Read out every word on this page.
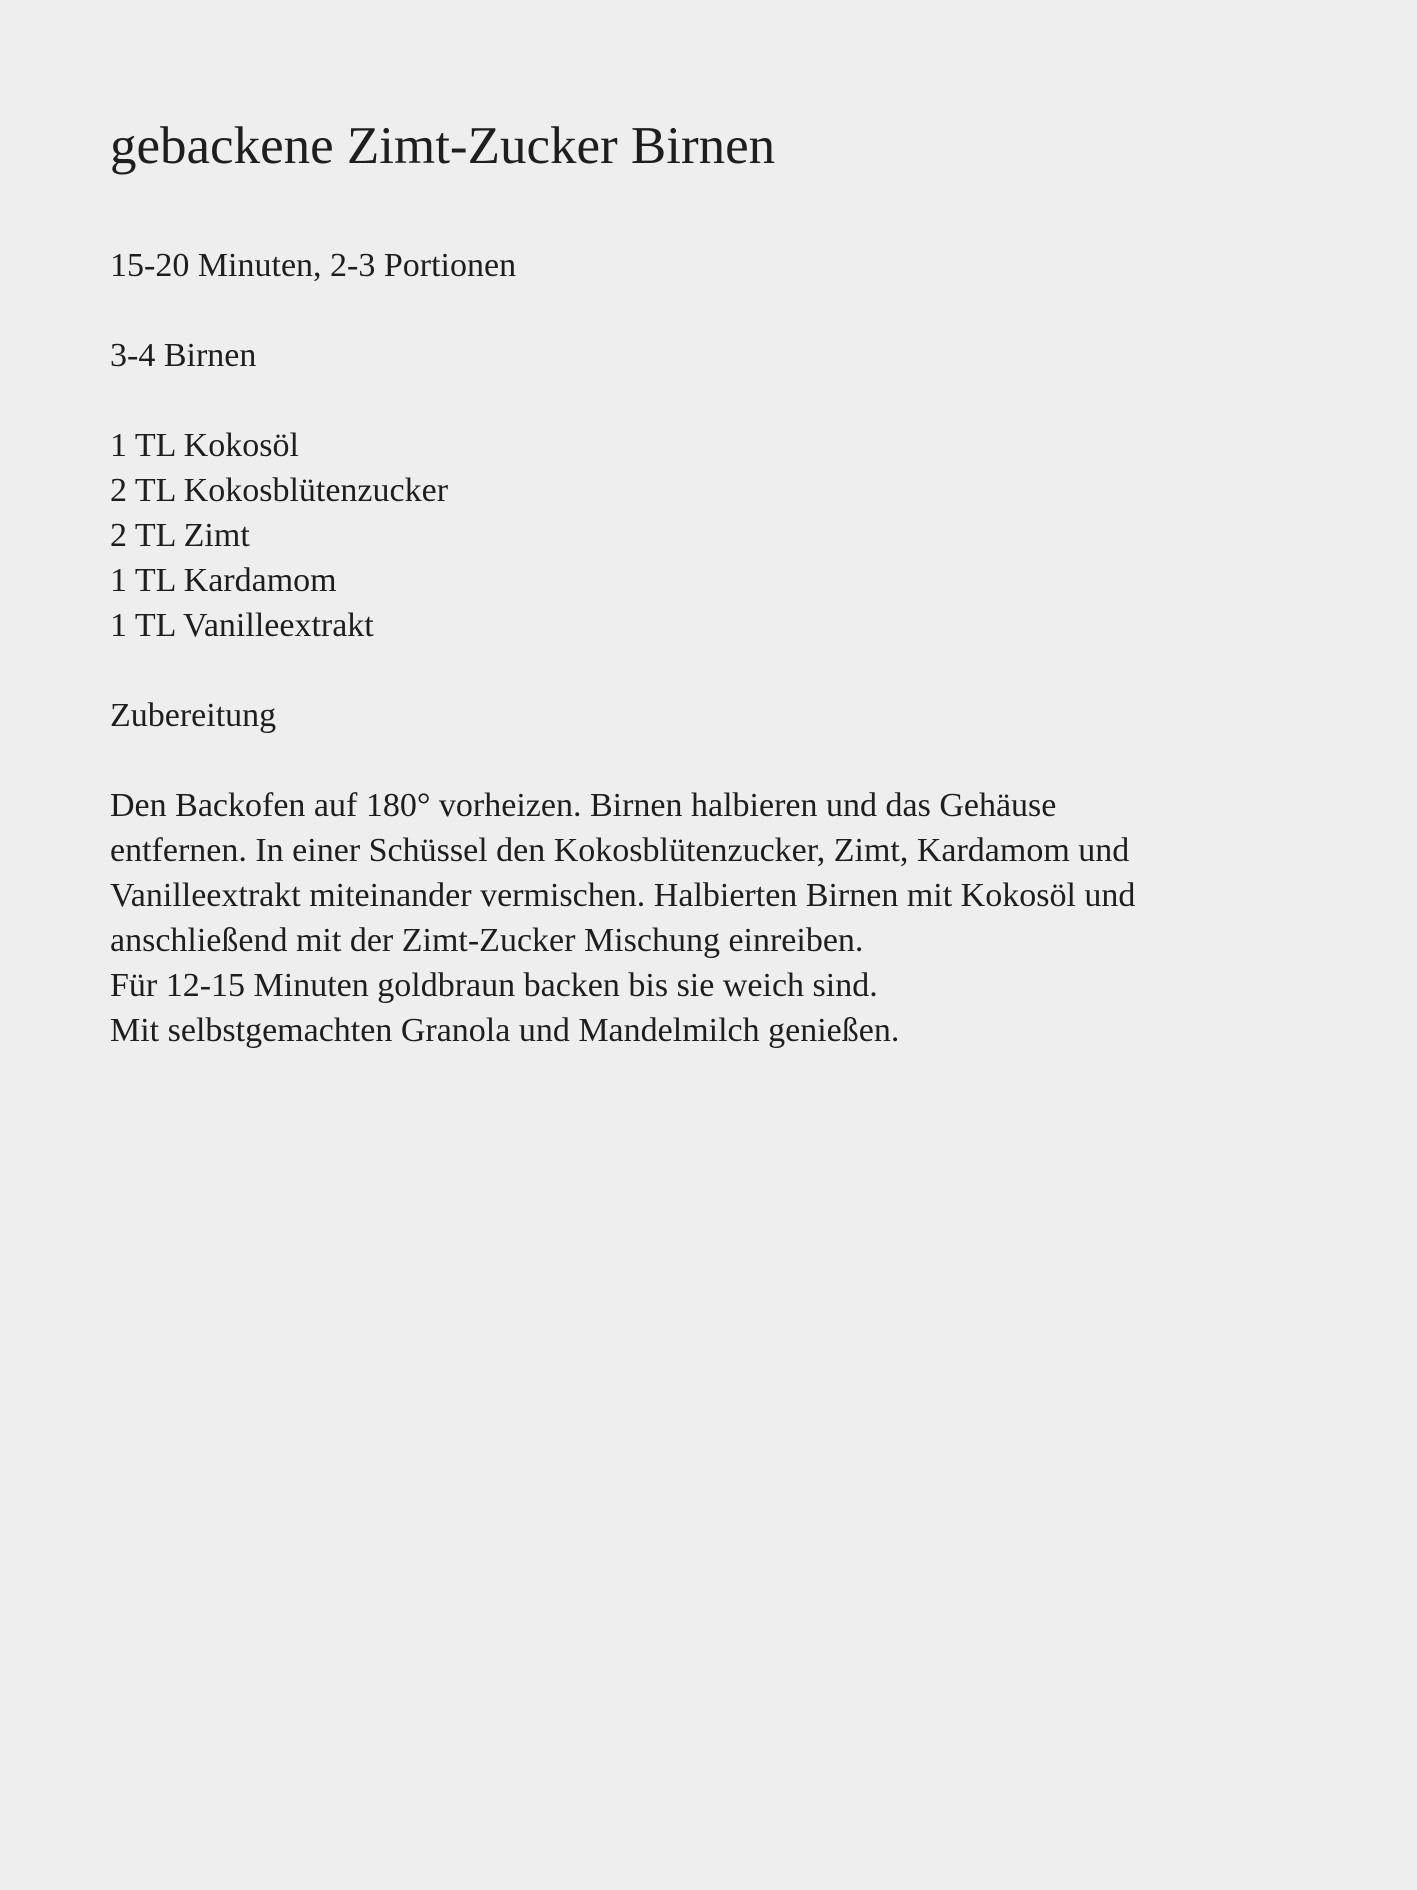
gebackene Zimt-Zucker Birnen

15-20 Minuten, 2-3 Portionen

3-4 Birnen

1 TL Kokosöl
2 TL Kokosblütenzucker
2 TL Zimt
1 TL Kardamom
1 TL Vanilleextrakt

Zubereitung

Den Backofen auf 180° vorheizen. Birnen halbieren und das Gehäuse
entfernen. In einer Schüssel den Kokosblütenzucker, Zimt, Kardamom und
Vanilleextrakt miteinander vermischen. Halbierten Birnen mit Kokosöl und
anschließend mit der Zimt-Zucker Mischung einreiben.
Für 12-15 Minuten goldbraun backen bis sie weich sind.
Mit selbstgemachten Granola und Mandelmilch genießen.
